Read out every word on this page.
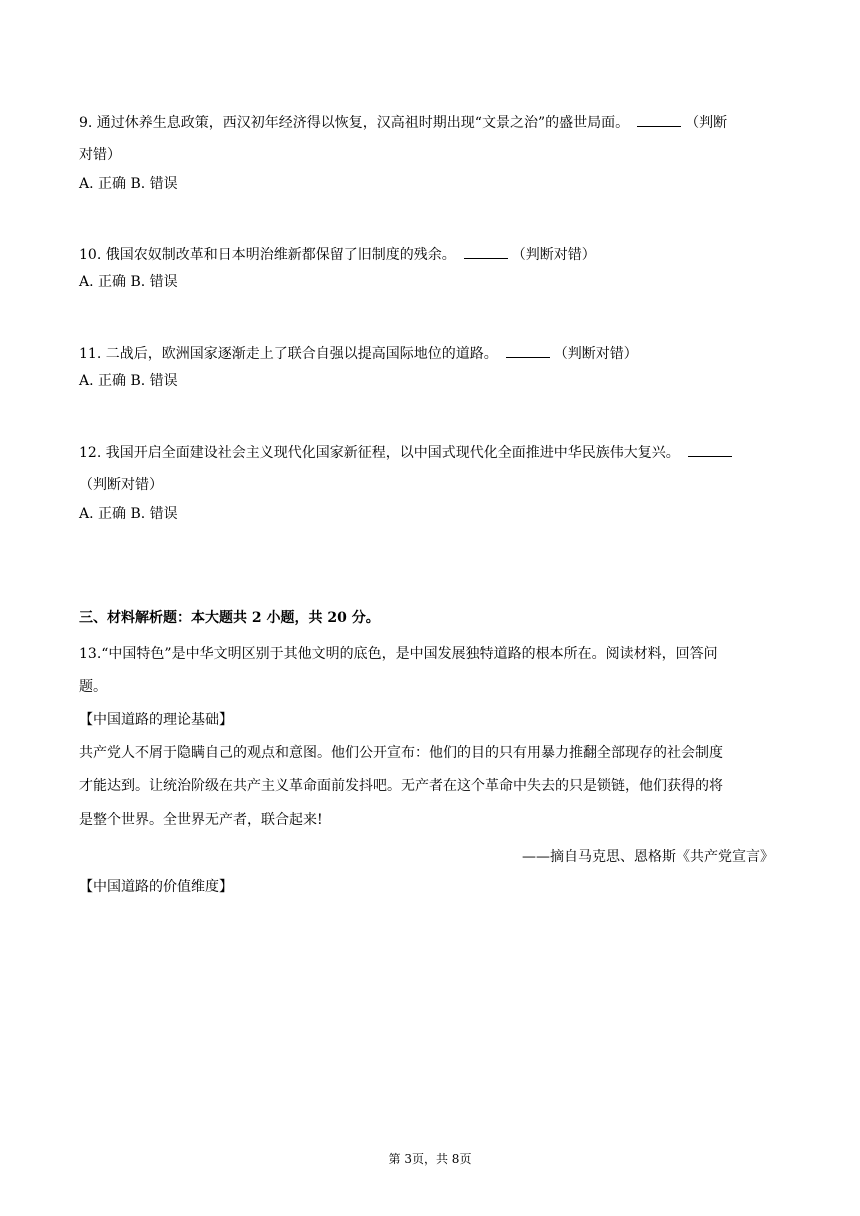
9. 通过休养生息政策，西汉初年经济得以恢复，汉高祖时期出现“文景之治”的盛世局面。	（判断
对错）
A. 正确 B. 错误
10. 俄国农奴制改革和日本明治维新都保留了旧制度的残余。	（判断对错）
A. 正确 B. 错误
11. 二战后，欧洲国家逐渐走上了联合自强以提高国际地位的道路。	（判断对错）
A. 正确 B. 错误
12. 我国开启全面建设社会主义现代化国家新征程，以中国式现代化全面推进中华民族伟大复兴。
（判断对错）
A. 正确 B. 错误
三、材料解析题：本大题共 2 小题，共 20 分。
13.“中国特色”是中华文明区别于其他文明的底色，是中国发展独特道路的根本所在。阅读材料，回答问
题。
【中国道路的理论基础】
共产党人不屑于隐瞒自己的观点和意图。他们公开宣布：他们的目的只有用暴力推翻全部现存的社会制度
才能达到。让统治阶级在共产主义革命面前发抖吧。无产者在这个革命中失去的只是锁链，他们获得的将
是整个世界。全世界无产者，联合起来!
——摘自马克思、恩格斯《共产党宣言》
【中国道路的价值维度】
第 3页，共 8页
